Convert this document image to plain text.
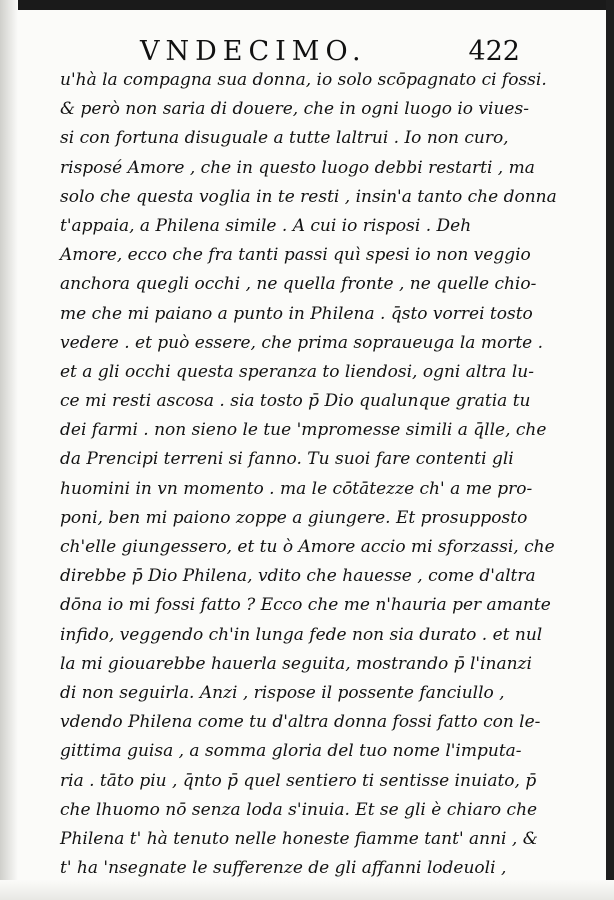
VNDECIMO.	422
u'hà la compagna sua donna, io solo scōpagnato ci fossi.
& però non saria di douere, che in ogni luogo io viues-
si con fortuna disuguale a tutte laltrui . Io non curo,
risposé Amore , che in questo luogo debbi restarti , ma
solo che questa voglia in te resti , insin'a tanto che donna
t'appaia, a Philena simile . A cui io risposi . Deh
Amore, ecco che fra tanti passi quì spesi io non veggio
anchora quegli occhi , ne quella fronte , ne quelle chio-
me che mi paiano a punto in Philena . q̄sto vorrei tosto
vedere . et può essere, che prima sopraueuga la morte .
et a gli occhi questa speranza to liendosi, ogni altra lu-
ce mi resti ascosa . sia tosto p̄ Dio qualunque gratia tu
dei farmi . non sieno le tue 'mpromesse simili a q̄lle, che
da Prencipi terreni si fanno. Tu suoi fare contenti gli
huomini in vn momento . ma le cōtātezze ch' a me pro-
poni, ben mi paiono zoppe a giungere. Et prosupposto
ch'elle giungessero, et tu ò Amore accio mi sforzassi, che
direbbe p̄ Dio Philena, vdito che hauesse , come d'altra
dōna io mi fossi fatto ? Ecco che me n'hauria per amante
infido, veggendo ch'in lunga fede non sia durato . et nul
la mi giouarebbe hauerla seguita, mostrando p̄ l'inanzi
di non seguirla. Anzi , rispose il possente fanciullo ,
vdendo Philena come tu d'altra donna fossi fatto con le-
gittima guisa , a somma gloria del tuo nome l'imputa-
ria . tāto piu , q̄nto p̄ quel sentiero ti sentisse inuiato, p̄
che lhuomo nō senza loda s'inuia. Et se gli è chiaro che
Philena t' hà tenuto nelle honeste fiamme tant' anni , &
t' ha 'nsegnate le sufferenze de gli affanni lodeuoli ,
